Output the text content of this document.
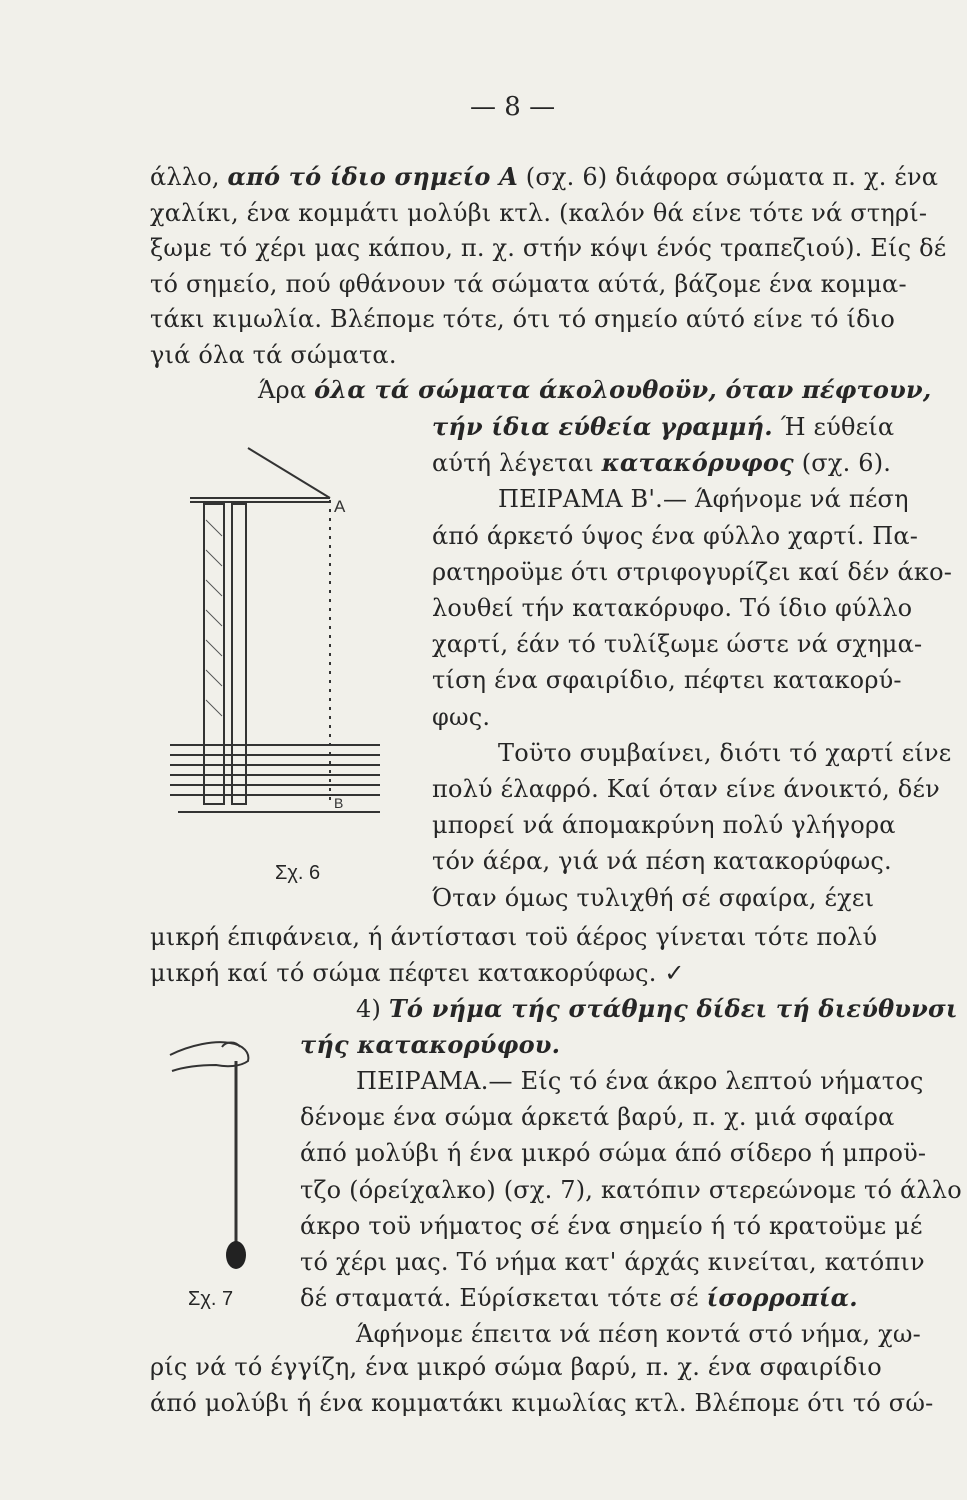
— 8 —
άλλο, από τό ίδιο σημείο Α (σχ. 6) διάφορα σώματα π. χ. ένα
χαλίκι, ένα κομμάτι μολύβι κτλ. (καλόν θά είνε τότε νά στηρί-
ξωμε τό χέρι μας κάπου, π. χ. στήν κόψι ένός τραπεζιού). Είς δέ
τό σημείο, πού φθάνουν τά σώματα αύτά, βάζομε ένα κομμα-
τάκι κιμωλία. Βλέπομε τότε, ότι τό σημείο αύτό είνε τό ίδιο
γιά όλα τά σώματα.
Άρα όλα τά σώματα άκολουθοϋν, όταν πέφτουν,
τήν ίδια εύθεία γραμμή. Ή εύθεία
αύτή λέγεται κατακόρυφος (σχ. 6).
ΠΕΙΡΑΜΑ Β'.— Άφήνομε νά πέση
άπό άρκετό ύψος ένα φύλλο χαρτί. Πα-
ρατηροϋμε ότι στριφογυρίζει καί δέν άκο-
λουθεί τήν κατακόρυφο. Τό ίδιο φύλλο
χαρτί, έάν τό τυλίξωμε ώστε νά σχημα-
τίση ένα σφαιρίδιο, πέφτει κατακορύ-
φως.
Τοϋτο συμβαίνει, διότι τό χαρτί είνε
πολύ έλαφρό. Καί όταν είνε άνοικτό, δέν
μπορεί νά άπομακρύνη πολύ γλήγορα
τόν άέρα, γιά νά πέση κατακορύφως.
Όταν όμως τυλιχθή σέ σφαίρα, έχει
μικρή έπιφάνεια, ή άντίστασι τοϋ άέρος γίνεται τότε πολύ
μικρή καί τό σώμα πέφτει κατακορύφως. ✓
4) Τό νήμα τής στάθμης δίδει τή διεύθυνσι
τής κατακορύφου.
ΠΕΙΡΑΜΑ.— Είς τό ένα άκρο λεπτού νήματος
δένομε ένα σώμα άρκετά βαρύ, π. χ. μιά σφαίρα
άπό μολύβι ή ένα μικρό σώμα άπό σίδερο ή μπροϋ-
τζο (όρείχαλκο) (σχ. 7), κατόπιν στερεώνομε τό άλλο
άκρο τοϋ νήματος σέ ένα σημείο ή τό κρατοϋμε μέ
τό χέρι μας. Τό νήμα κατ' άρχάς κινείται, κατόπιν
δέ σταματά. Εύρίσκεται τότε σέ ίσορροπία.
Άφήνομε έπειτα νά πέση κοντά στό νήμα, χω-
ρίς νά τό έγγίζη, ένα μικρό σώμα βαρύ, π. χ. ένα σφαιρίδιο
άπό μολύβι ή ένα κομματάκι κιμωλίας κτλ. Βλέπομε ότι τό σώ-
A
B
Σχ. 6
Σχ. 7
